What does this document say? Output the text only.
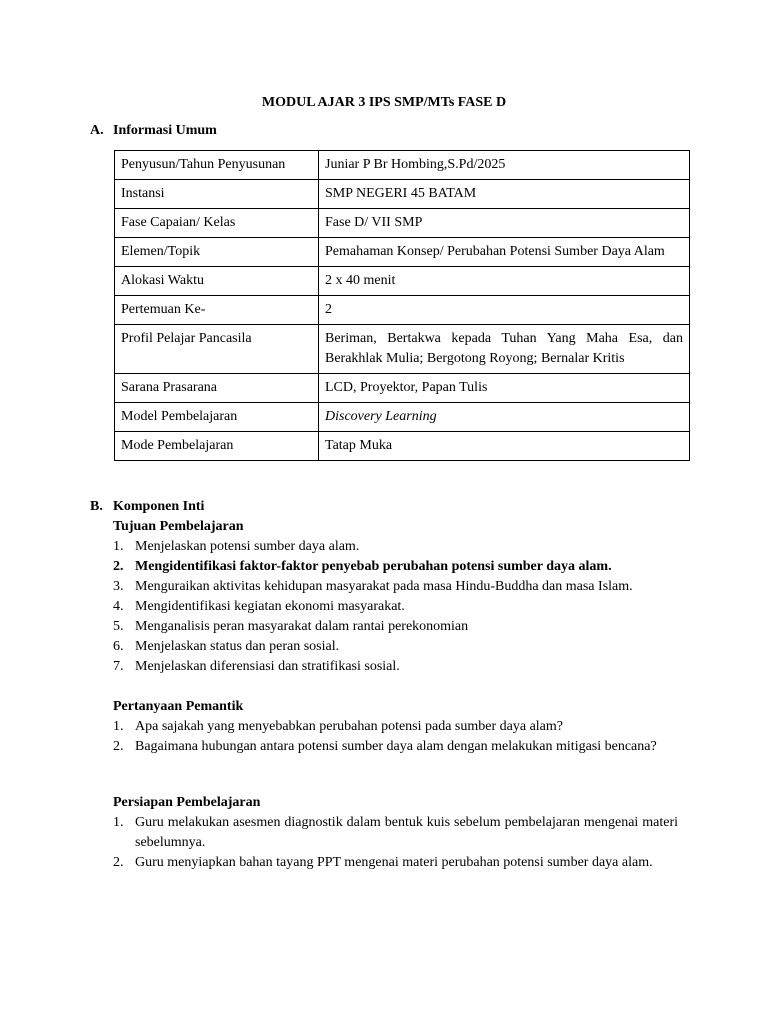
MODUL AJAR 3 IPS SMP/MTs FASE D
A. Informasi Umum
Penyusun/Tahun Penyusunan	Juniar P Br Hombing,S.Pd/2025
Instansi	SMP NEGERI 45 BATAM
Fase Capaian/ Kelas	Fase D/ VII SMP
Elemen/Topik	Pemahaman Konsep/ Perubahan Potensi Sumber Daya Alam
Alokasi Waktu	2 x 40 menit
Pertemuan Ke-	2
Profil Pelajar Pancasila	Beriman, Bertakwa kepada Tuhan Yang Maha Esa, dan Berakhlak Mulia; Bergotong Royong; Bernalar Kritis
Sarana Prasarana	LCD, Proyektor, Papan Tulis
Model Pembelajaran	Discovery Learning
Mode Pembelajaran	Tatap Muka
B. Komponen Inti
Tujuan Pembelajaran
1. Menjelaskan potensi sumber daya alam.
2. Mengidentifikasi faktor-faktor penyebab perubahan potensi sumber daya alam.
3. Menguraikan aktivitas kehidupan masyarakat pada masa Hindu-Buddha dan masa Islam.
4. Mengidentifikasi kegiatan ekonomi masyarakat.
5. Menganalisis peran masyarakat dalam rantai perekonomian
6. Menjelaskan status dan peran sosial.
7. Menjelaskan diferensiasi dan stratifikasi sosial.
Pertanyaan Pemantik
1. Apa sajakah yang menyebabkan perubahan potensi pada sumber daya alam?
2. Bagaimana hubungan antara potensi sumber daya alam dengan melakukan mitigasi bencana?
Persiapan Pembelajaran
1. Guru melakukan asesmen diagnostik dalam bentuk kuis sebelum pembelajaran mengenai materi sebelumnya.
2. Guru menyiapkan bahan tayang PPT mengenai materi perubahan potensi sumber daya alam.
